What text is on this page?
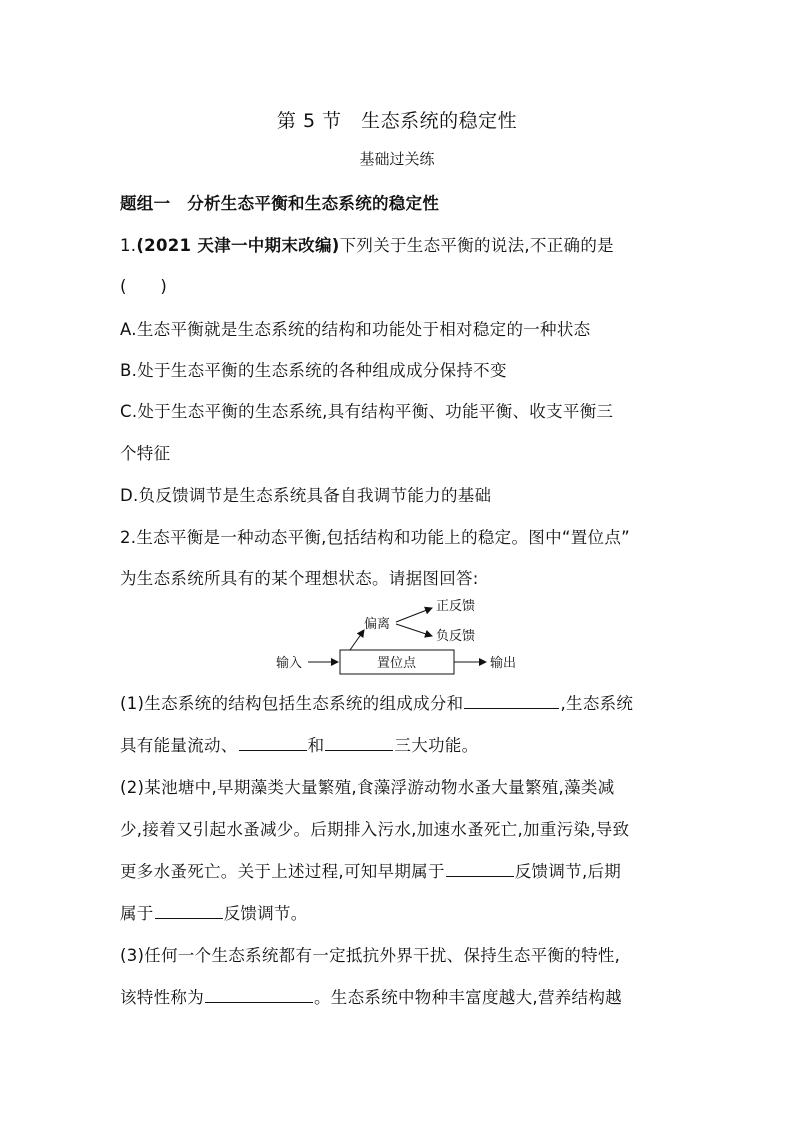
第 5 节　生态系统的稳定性
基础过关练
题组一　分析生态平衡和生态系统的稳定性
1.(2021 天津一中期末改编)下列关于生态平衡的说法,不正确的是
(　　)
A.生态平衡就是生态系统的结构和功能处于相对稳定的一种状态
B.处于生态平衡的生态系统的各种组成成分保持不变
C.处于生态平衡的生态系统,具有结构平衡、功能平衡、收支平衡三
个特征
D.负反馈调节是生态系统具备自我调节能力的基础
2.生态平衡是一种动态平衡,包括结构和功能上的稳定。图中“置位点”
为生态系统所具有的某个理想状态。请据图回答:
输入	置位点	输出
偏离
正反馈
负反馈
(1)生态系统的结构包括生态系统的组成成分和	,生态系统
具有能量流动、	和	三大功能。
(2)某池塘中,早期藻类大量繁殖,食藻浮游动物水蚤大量繁殖,藻类减
少,接着又引起水蚤减少。后期排入污水,加速水蚤死亡,加重污染,导致
更多水蚤死亡。关于上述过程,可知早期属于	反馈调节,后期
属于	反馈调节。
(3)任何一个生态系统都有一定抵抗外界干扰、保持生态平衡的特性,
该特性称为	。生态系统中物种丰富度越大,营养结构越
